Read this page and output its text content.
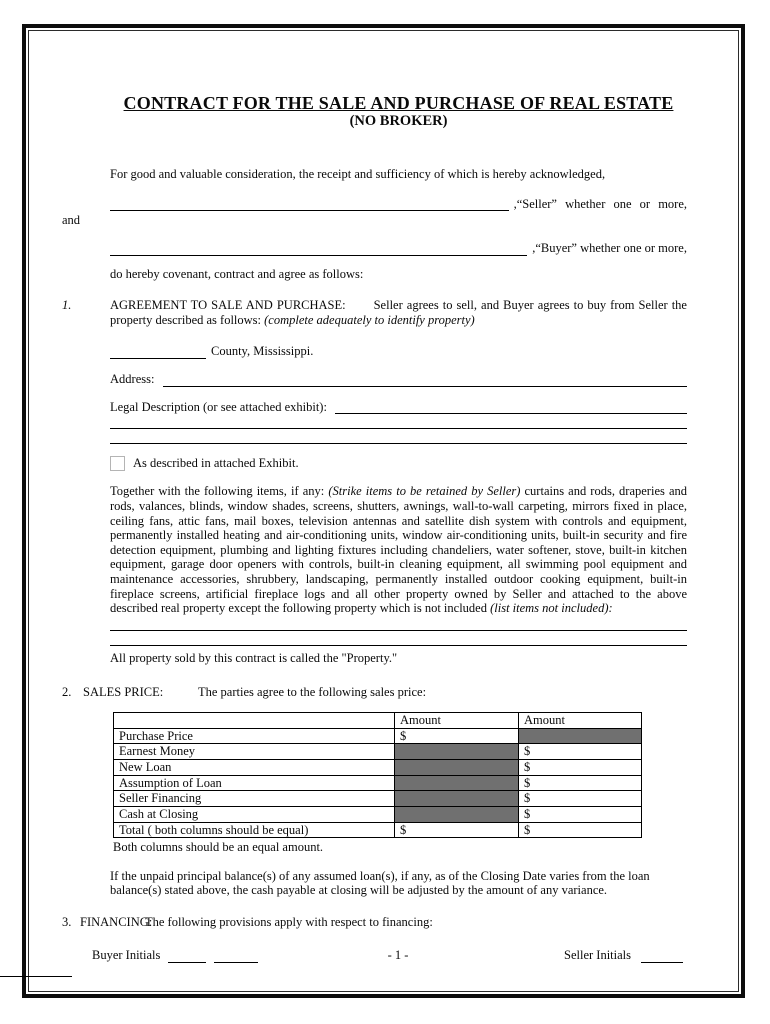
CONTRACT FOR THE SALE AND PURCHASE OF REAL ESTATE
(NO BROKER)

For good and valuable consideration, the receipt and sufficiency of which is hereby acknowledged,

,“Seller” whether one or more,

and

,“Buyer” whether one or more,

do hereby covenant, contract and agree as follows:

1.	AGREEMENT TO SALE AND PURCHASE: Seller agrees to sell, and Buyer agrees to buy from Seller the property described as follows: (complete adequately to identify property)

County, Mississippi.
Address:
Legal Description (or see attached exhibit):
As described in attached Exhibit.

Together with the following items, if any: (Strike items to be retained by Seller) curtains and rods, draperies and rods, valances, blinds, window shades, screens, shutters, awnings, wall-to-wall carpeting, mirrors fixed in place, ceiling fans, attic fans, mail boxes, television antennas and satellite dish system with controls and equipment, permanently installed heating and air-conditioning units, window air-conditioning units, built-in security and fire detection equipment, plumbing and lighting fixtures including chandeliers, water softener, stove, built-in kitchen equipment, garage door openers with controls, built-in cleaning equipment, all swimming pool equipment and maintenance accessories, shrubbery, landscaping, permanently installed outdoor cooking equipment, built-in fireplace screens, artificial fireplace logs and all other property owned by Seller and attached to the above described real property except the following property which is not included (list items not included):

All property sold by this contract is called the "Property."

2. SALES PRICE:	The parties agree to the following sales price:
	Amount	Amount
Purchase Price	$	
Earnest Money		$
New Loan		$
Assumption of Loan		$
Seller Financing		$
Cash at Closing		$
Total ( both columns should be equal)	$	$

Both columns should be an equal amount.

If the unpaid principal balance(s) of any assumed loan(s), if any, as of the Closing Date varies from the loan balance(s) stated above, the cash payable at closing will be adjusted by the amount of any variance.

3. FINANCING:
The following provisions apply with respect to financing:
Buyer Initials	- 1 -	Seller Initials
